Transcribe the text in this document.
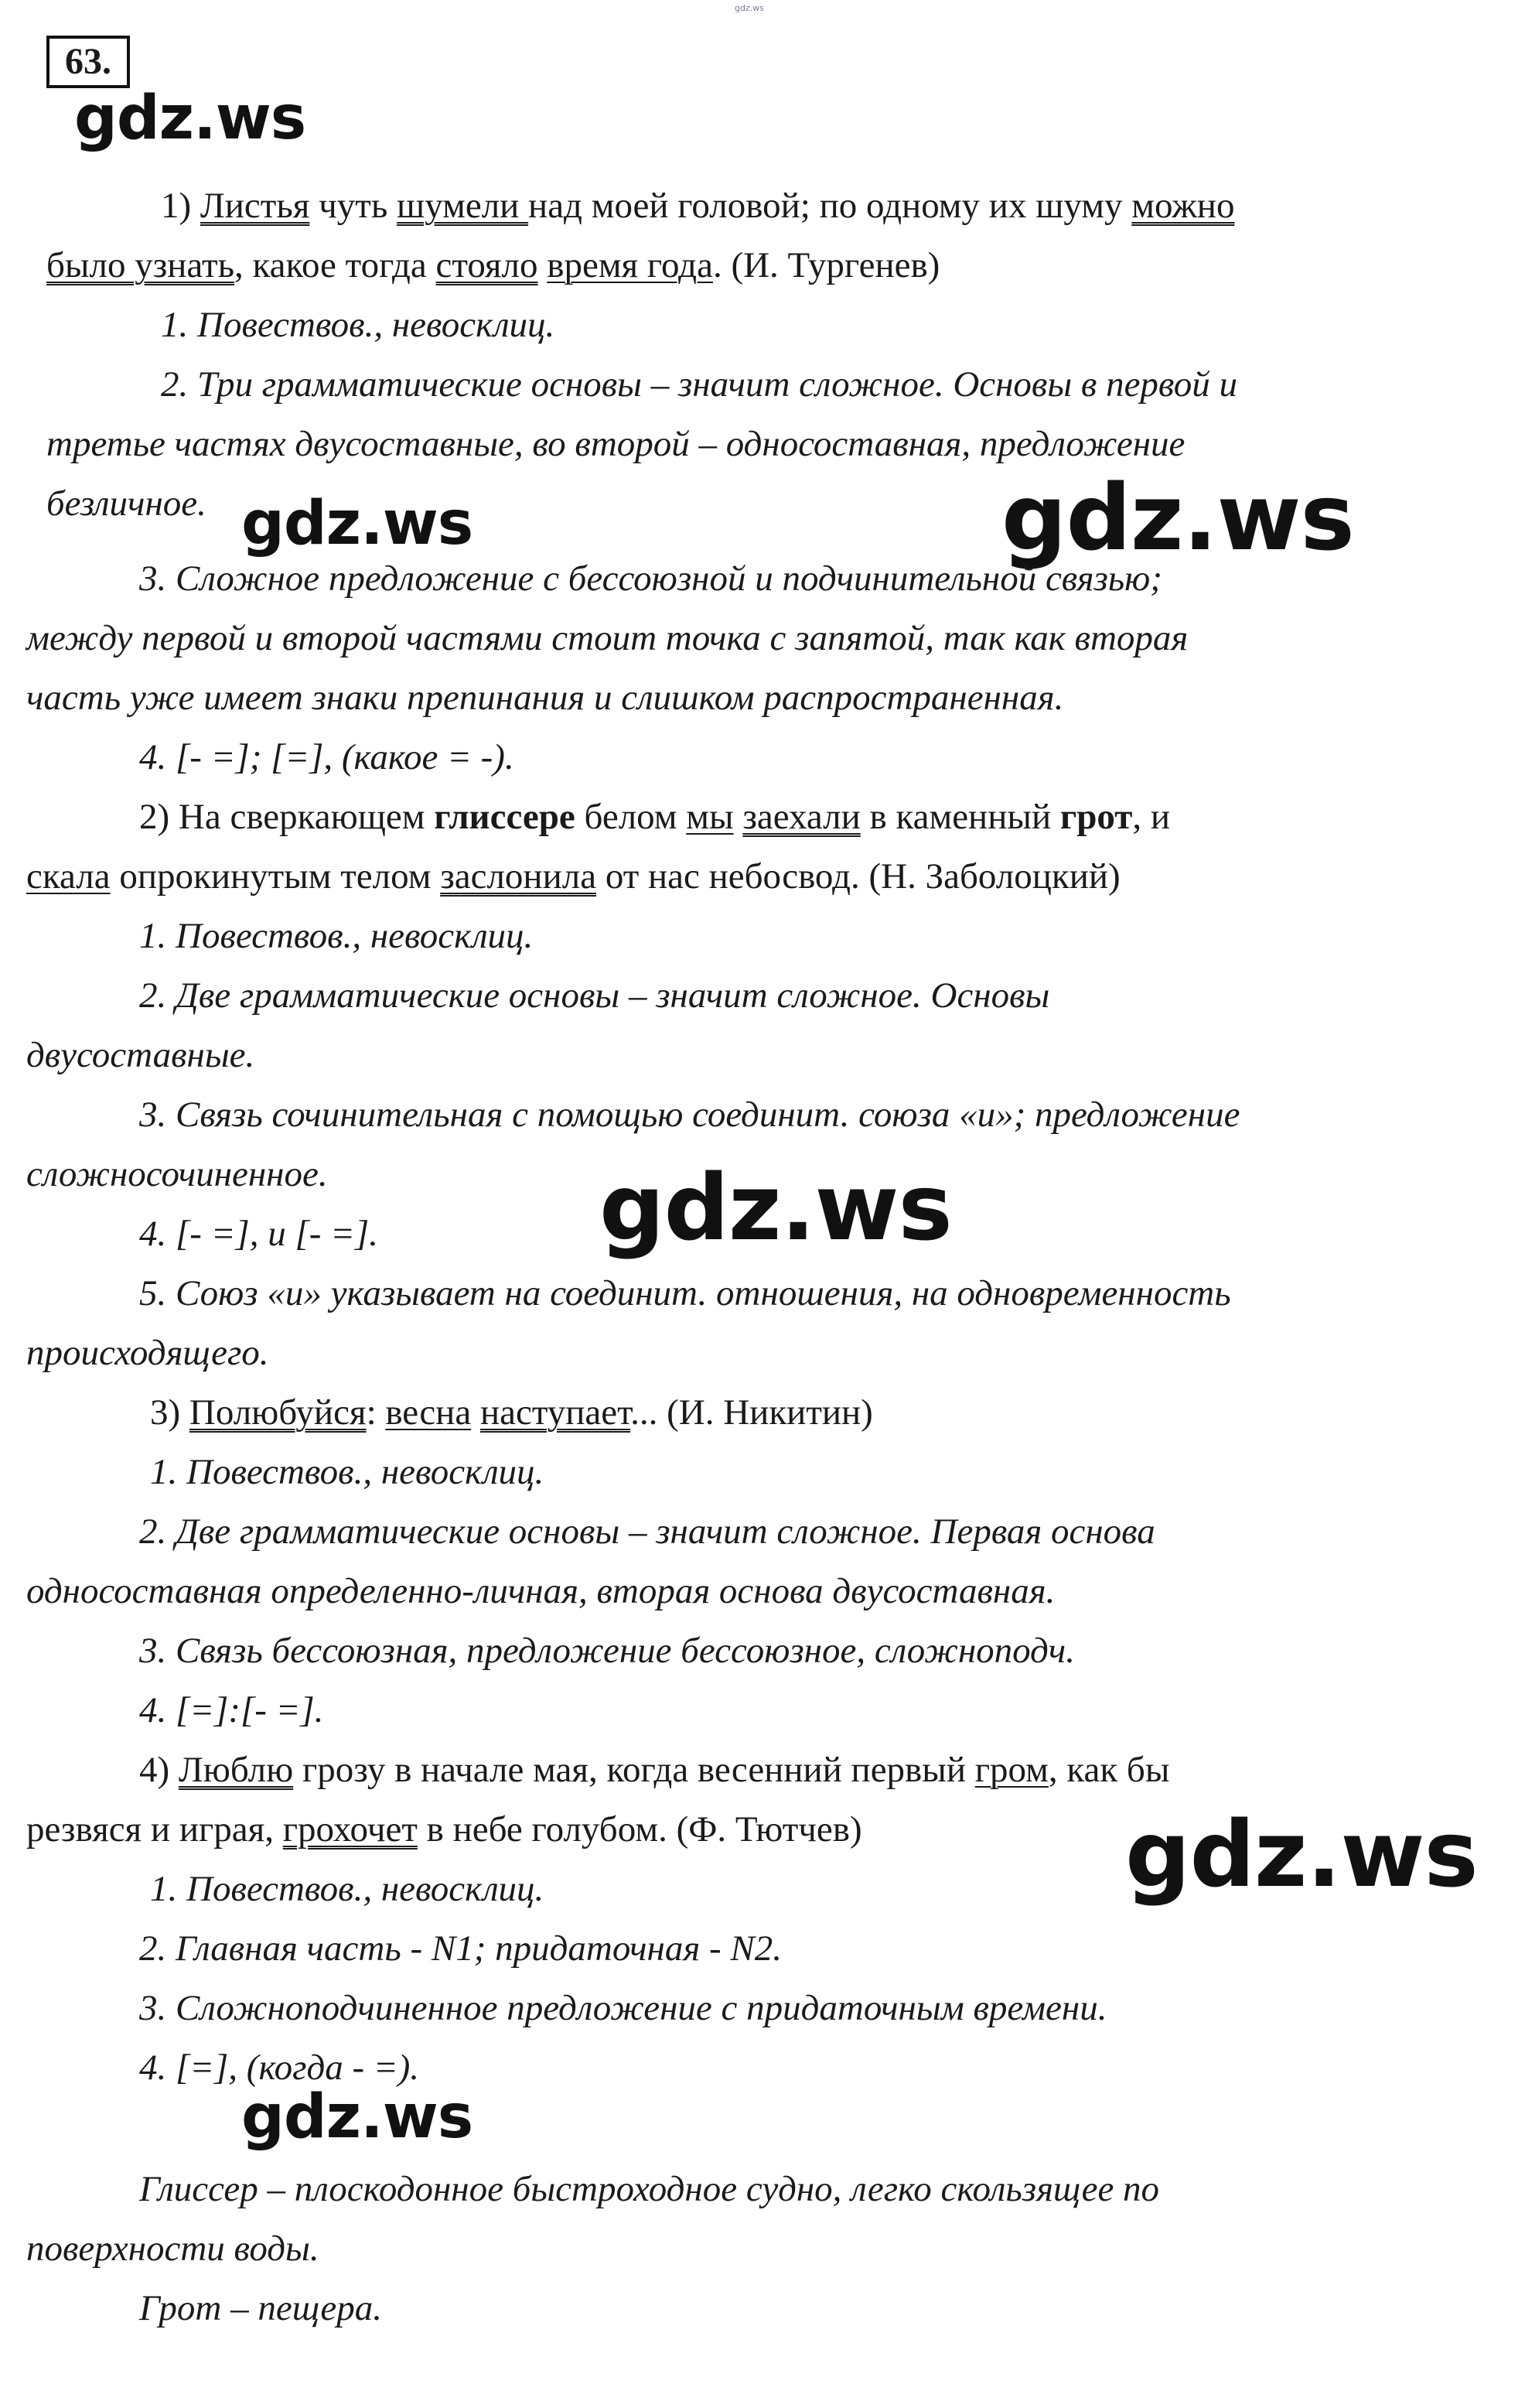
gdz.ws
63.
gdz.ws
gdz.ws	gdz.ws
gdz.ws
gdz.ws
gdz.ws
1) Листья чуть шумели над моей головой; по одному их шуму можно
было узнать, какое тогда стояло время года. (И. Тургенев)
1. Повествов., невосклиц.
2. Три грамматические основы – значит сложное. Основы в первой и
третье частях двусоставные, во второй – односоставная, предложение
безличное.
3. Сложное предложение с бессоюзной и подчинительной связью;
между первой и второй частями стоит точка с запятой, так как вторая
часть уже имеет знаки препинания и слишком распространенная.
4. [- =]; [=], (какое = -).
2) На сверкающем глиссере белом мы заехали в каменный грот, и
скала опрокинутым телом заслонила от нас небосвод. (Н. Заболоцкий)
1. Повествов., невосклиц.
2. Две грамматические основы – значит сложное. Основы
двусоставные.
3. Связь сочинительная с помощью соединит. союза «и»; предложение
сложносочиненное.
4. [- =], и [- =].
5. Союз «и» указывает на соединит. отношения, на одновременность
происходящего.
3) Полюбуйся: весна наступает... (И. Никитин)
1. Повествов., невосклиц.
2. Две грамматические основы – значит сложное. Первая основа
односоставная определенно-личная, вторая основа двусоставная.
3. Связь бессоюзная, предложение бессоюзное, сложноподч.
4. [=]:[- =].
4) Люблю грозу в начале мая, когда весенний первый гром, как бы
резвяся и играя, грохочет в небе голубом. (Ф. Тютчев)
1. Повествов., невосклиц.
2. Главная часть - N1; придаточная - N2.
3. Сложноподчиненное предложение с придаточным времени.
4. [=], (когда - =).
Глиссер – плоскодонное быстроходное судно, легко скользящее по
поверхности воды.
Грот – пещера.
